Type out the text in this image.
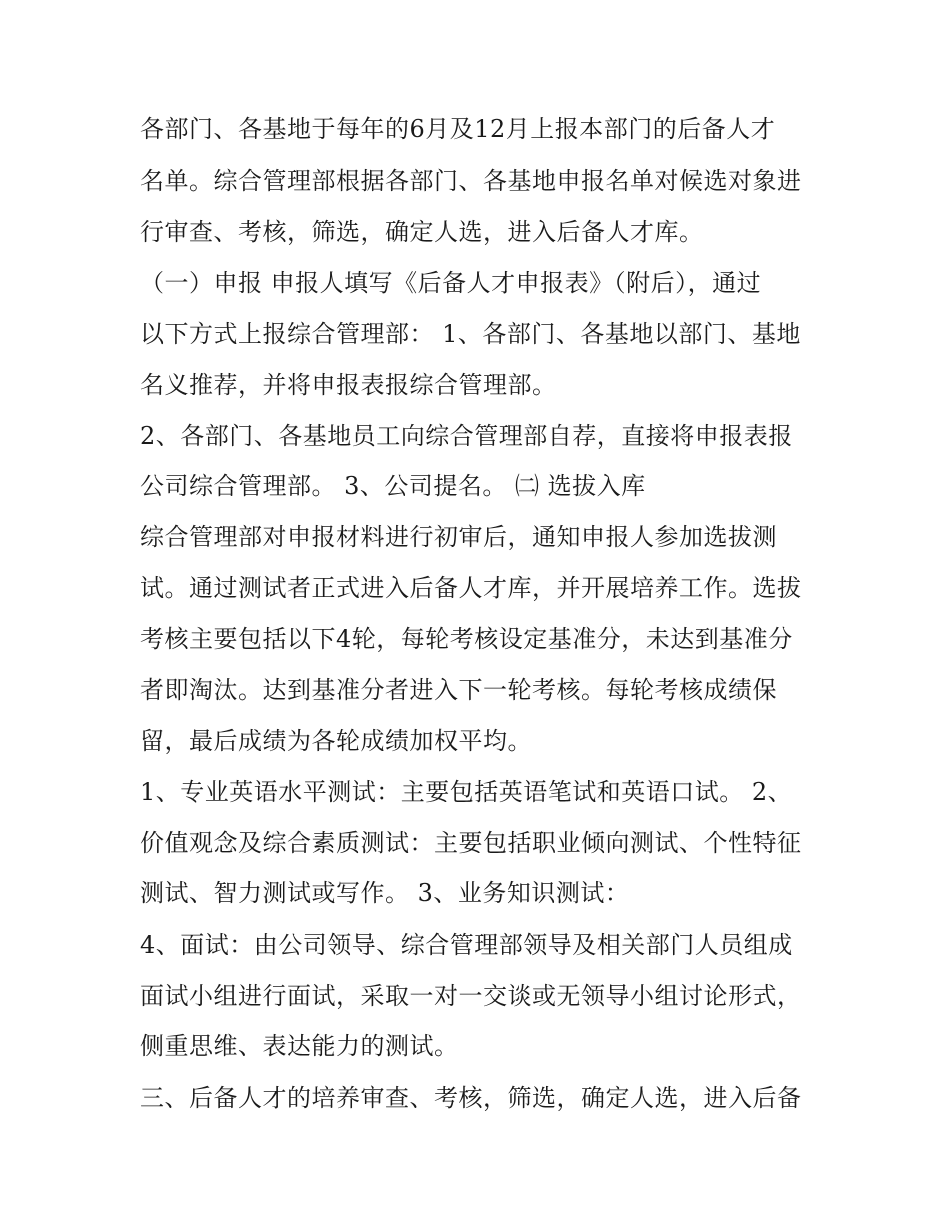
各部门、各基地于每年的6月及12月上报本部门的后备人才
名单。综合管理部根据各部门、各基地申报名单对候选对象进
行审查、考核，筛选，确定人选，进入后备人才库。
（一）申报 申报人填写《后备人才申报表》（附后），通过
以下方式上报综合管理部： 1、各部门、各基地以部门、基地
名义推荐，并将申报表报综合管理部。
2、各部门、各基地员工向综合管理部自荐，直接将申报表报
公司综合管理部。 3、公司提名。 ㈡ 选拔入库
综合管理部对申报材料进行初审后，通知申报人参加选拔测
试。通过测试者正式进入后备人才库，并开展培养工作。选拔
考核主要包括以下4轮，每轮考核设定基准分，未达到基准分
者即淘汰。达到基准分者进入下一轮考核。每轮考核成绩保
留，最后成绩为各轮成绩加权平均。
1、专业英语水平测试：主要包括英语笔试和英语口试。 2、
价值观念及综合素质测试：主要包括职业倾向测试、个性特征
测试、智力测试或写作。 3、业务知识测试：
4、面试：由公司领导、综合管理部领导及相关部门人员组成
面试小组进行面试，采取一对一交谈或无领导小组讨论形式，
侧重思维、表达能力的测试。
三、后备人才的培养审查、考核，筛选，确定人选，进入后备
